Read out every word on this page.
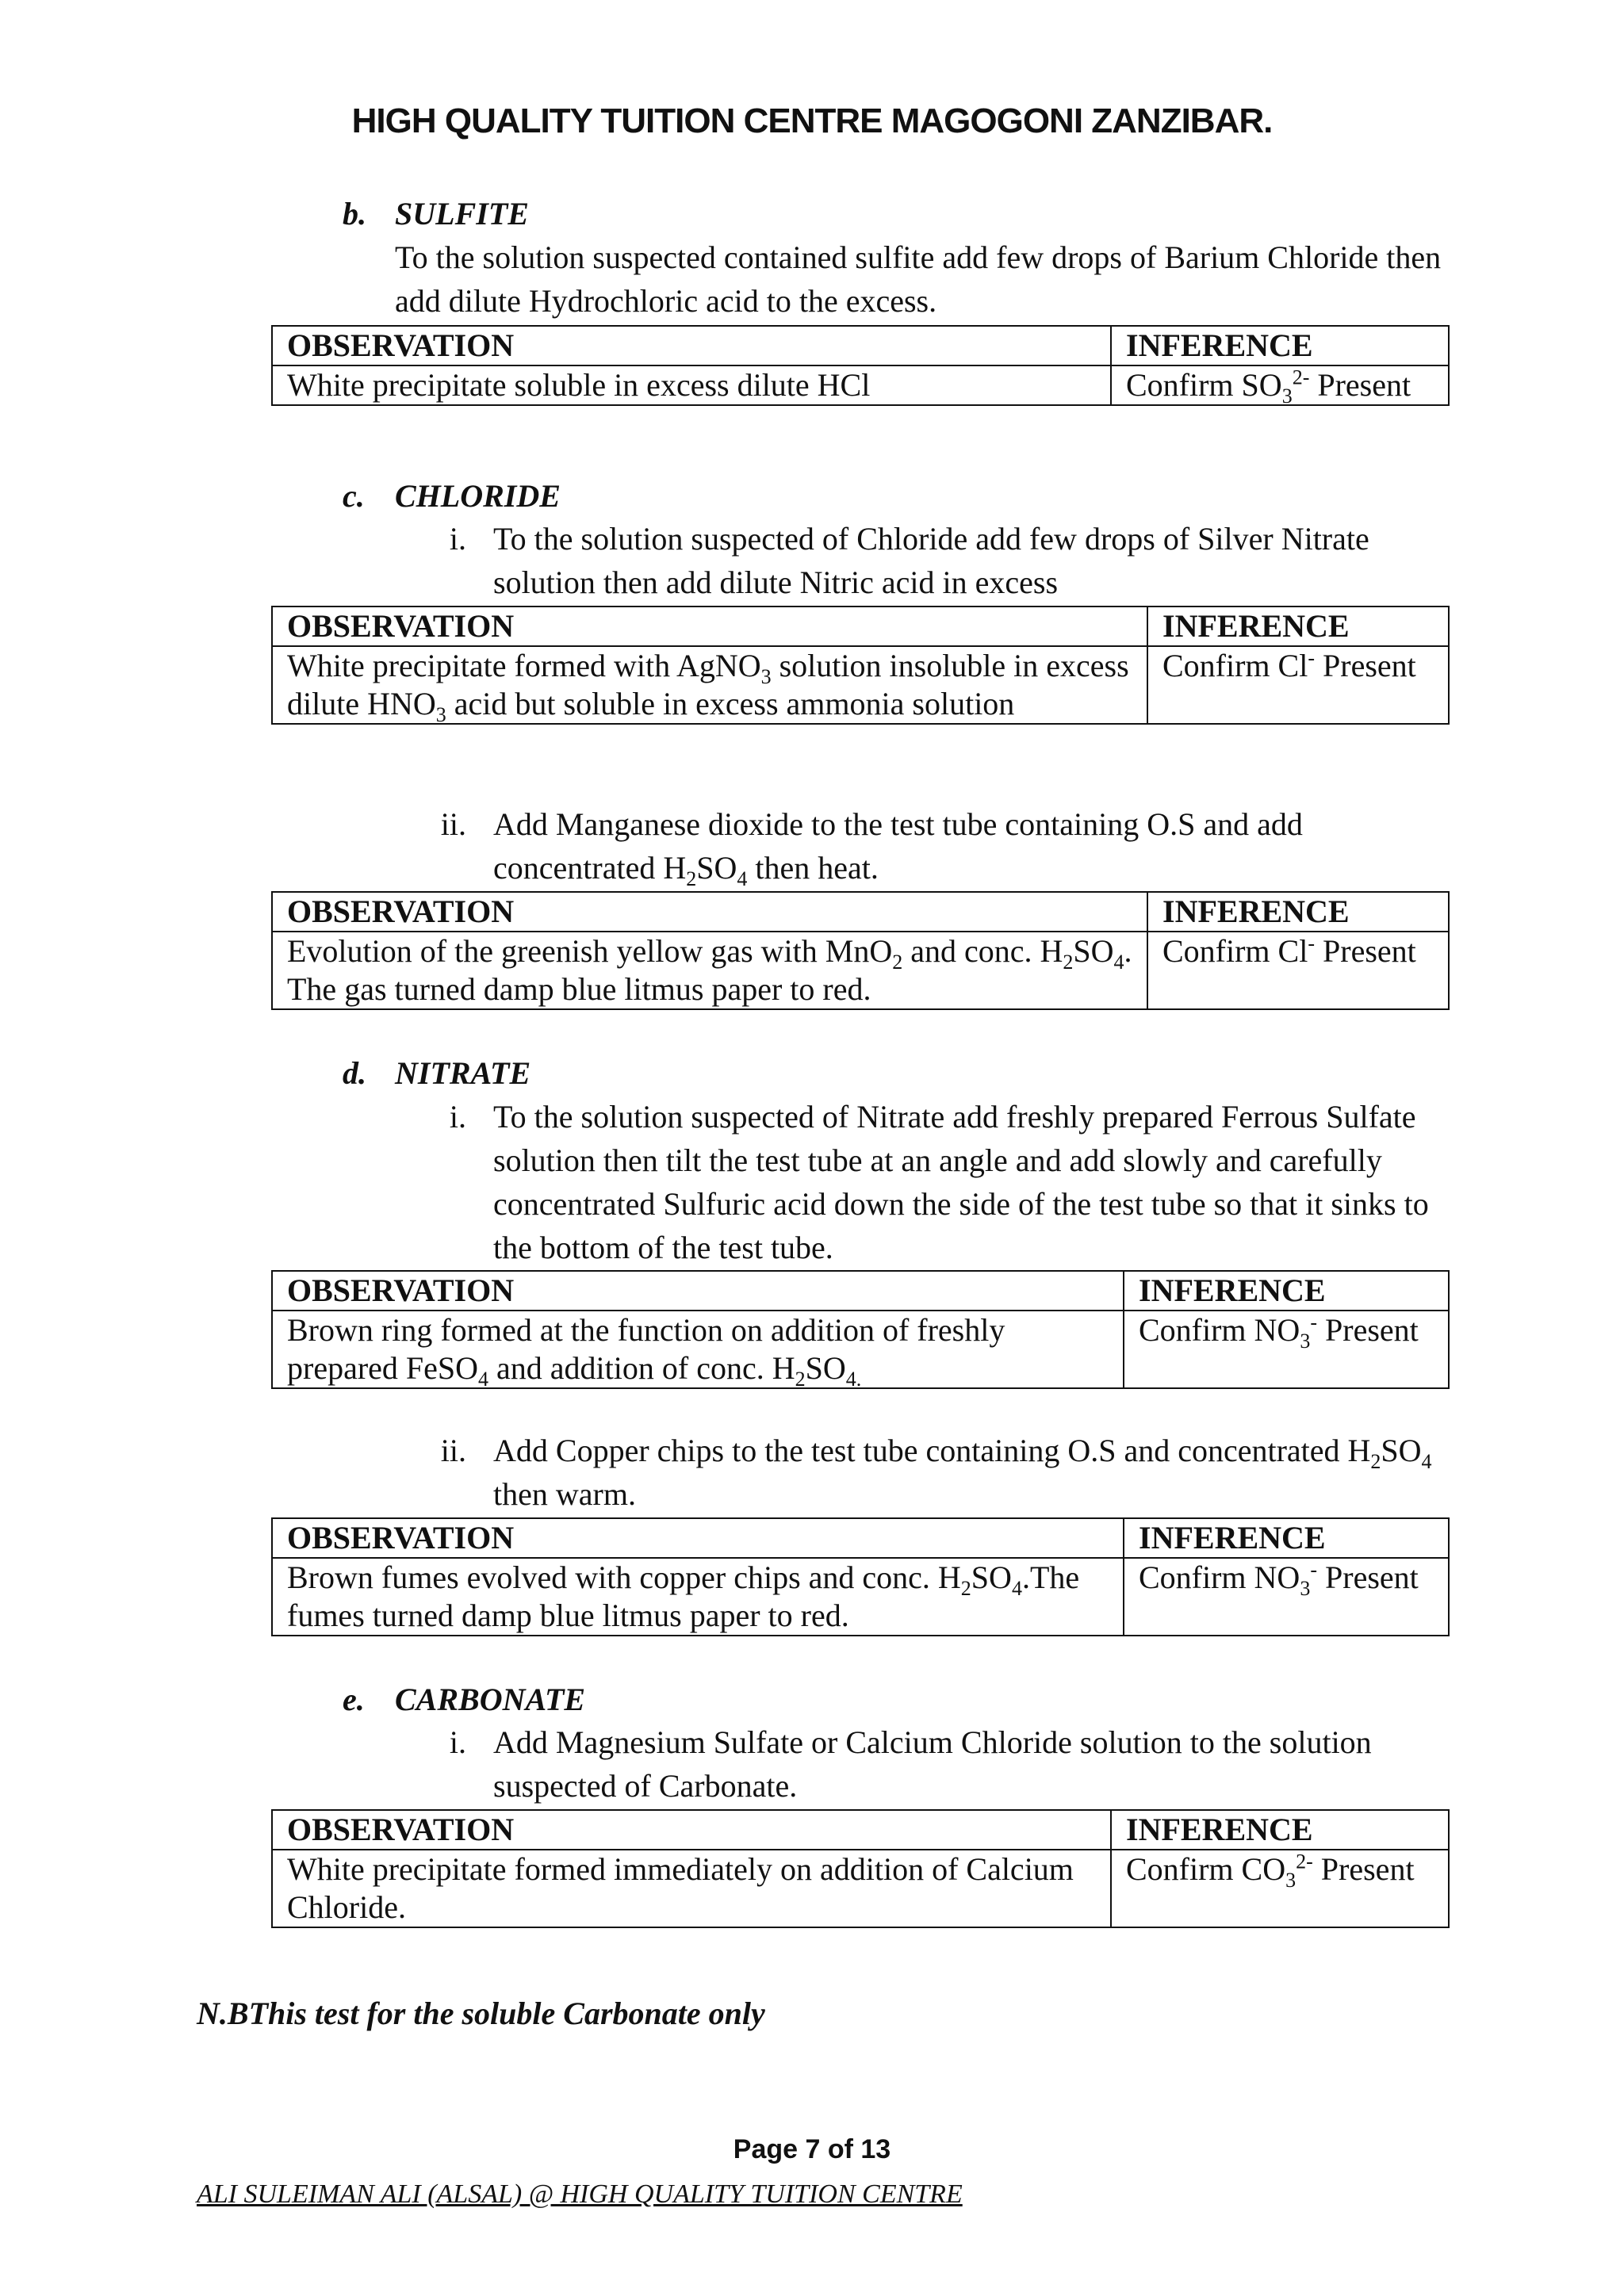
HIGH QUALITY TUITION CENTRE MAGOGONI ZANZIBAR.
b. SULFITE
To the solution suspected contained sulfite add few drops of Barium Chloride then add dilute Hydrochloric acid to the excess.
OBSERVATION	INFERENCE
White precipitate soluble in excess dilute HCl	Confirm $SO_3^{2-}$ Present
c. CHLORIDE
i. To the solution suspected of Chloride add few drops of Silver Nitrate solution then add dilute Nitric acid in excess
OBSERVATION	INFERENCE
White precipitate formed with AgNO$_3$ solution insoluble in excess dilute $HNO_3$ acid but soluble in excess ammonia solution	Confirm Cl- Present
ii. Add Manganese dioxide to the test tube containing O.S and add concentrated $H_2SO_4$ then heat.
OBSERVATION	INFERENCE
Evolution of the greenish yellow gas with MnO$_2$ and conc. $H_2SO_4$. The gas turned damp blue litmus paper to red.	Confirm Cl- Present
d. NITRATE
i. To the solution suspected of Nitrate add freshly prepared Ferrous Sulfate solution then tilt the test tube at an angle and add slowly and carefully concentrated Sulfuric acid down the side of the test tube so that it sinks to the bottom of the test tube.
OBSERVATION	INFERENCE
Brown ring formed at the function on addition of freshly prepared FeSO$_4$ and addition of conc. $H_2SO_{4.}$	Confirm $NO_3^-$ Present
ii. Add Copper chips to the test tube containing O.S and concentrated $H_2SO_4$ then warm.
OBSERVATION	INFERENCE
Brown fumes evolved with copper chips and conc. $H_2SO_4.The$ fumes turned damp blue litmus paper to red.	Confirm $NO_3^-$ Present
e. CARBONATE
i. Add Magnesium Sulfate or Calcium Chloride solution to the solution suspected of Carbonate.
OBSERVATION	INFERENCE
White precipitate formed immediately on addition of Calcium Chloride.	Confirm $CO_3^{2-}$ Present
N.BThis test for the soluble Carbonate only
Page 7 of 13
ALI SULEIMAN ALI (ALSAL) @ HIGH QUALITY TUITION CENTRE
